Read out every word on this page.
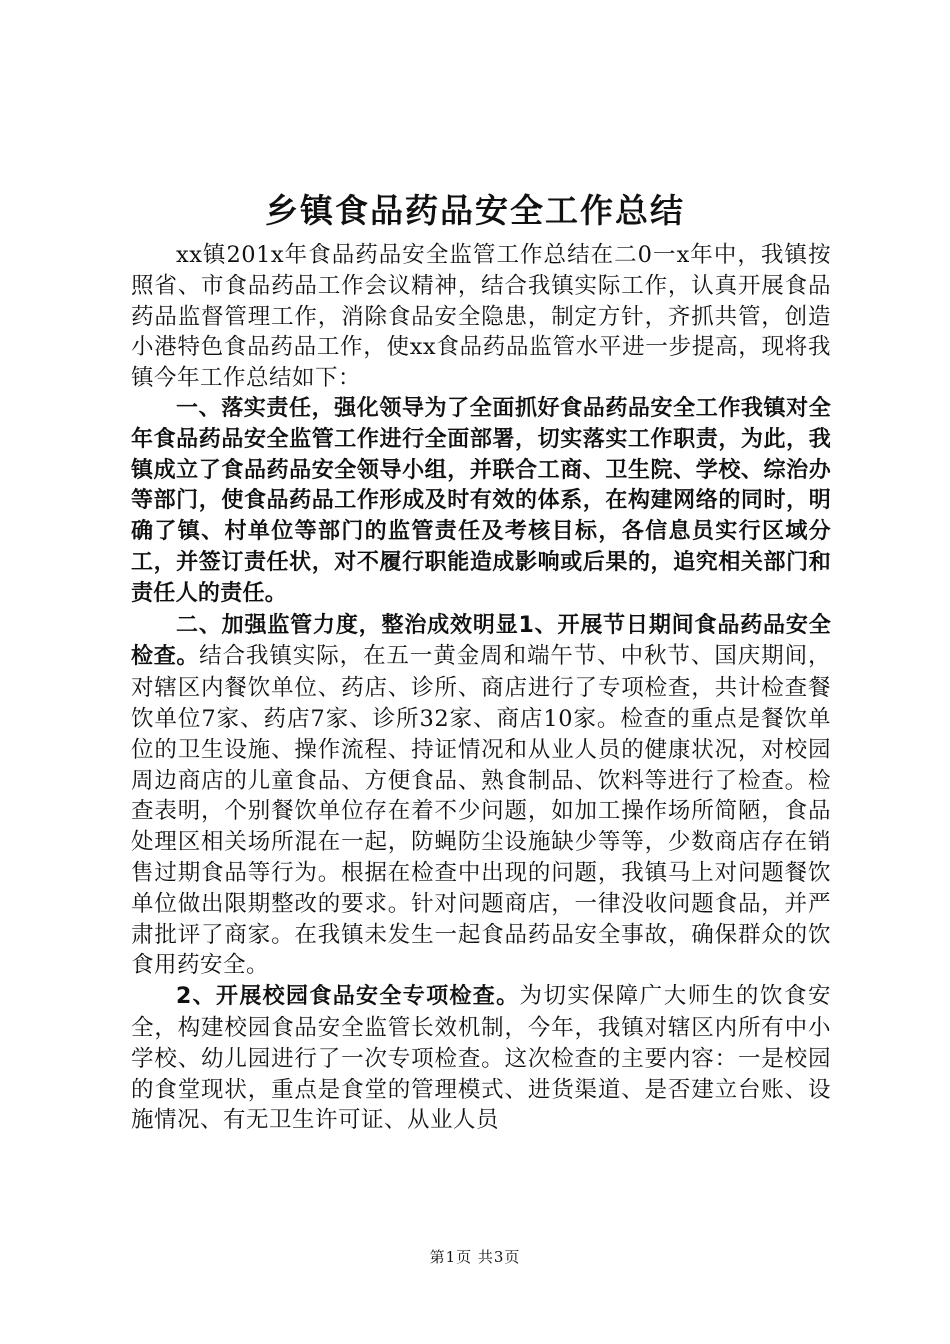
乡镇食品药品安全工作总结

xx镇201x年食品药品安全监管工作总结在二0一x年中，我镇按照省、市食品药品工作会议精神，结合我镇实际工作，认真开展食品药品监督管理工作，消除食品安全隐患，制定方针，齐抓共管，创造小港特色食品药品工作，使xx食品药品监管水平进一步提高，现将我镇今年工作总结如下：

一、落实责任，强化领导为了全面抓好食品药品安全工作我镇对全年食品药品安全监管工作进行全面部署，切实落实工作职责，为此，我镇成立了食品药品安全领导小组，并联合工商、卫生院、学校、综治办等部门，使食品药品工作形成及时有效的体系，在构建网络的同时，明确了镇、村单位等部门的监管责任及考核目标，各信息员实行区域分工，并签订责任状，对不履行职能造成影响或后果的，追究相关部门和责任人的责任。

二、加强监管力度，整治成效明显1、开展节日期间食品药品安全检查。结合我镇实际，在五一黄金周和端午节、中秋节、国庆期间，对辖区内餐饮单位、药店、诊所、商店进行了专项检查，共计检查餐饮单位7家、药店7家、诊所32家、商店10家。检查的重点是餐饮单位的卫生设施、操作流程、持证情况和从业人员的健康状况，对校园周边商店的儿童食品、方便食品、熟食制品、饮料等进行了检查。检查表明，个别餐饮单位存在着不少问题，如加工操作场所简陋，食品处理区相关场所混在一起，防蝇防尘设施缺少等等，少数商店存在销售过期食品等行为。根据在检查中出现的问题，我镇马上对问题餐饮单位做出限期整改的要求。针对问题商店，一律没收问题食品，并严肃批评了商家。在我镇未发生一起食品药品安全事故，确保群众的饮食用药安全。

2、开展校园食品安全专项检查。为切实保障广大师生的饮食安全，构建校园食品安全监管长效机制，今年，我镇对辖区内所有中小学校、幼儿园进行了一次专项检查。这次检查的主要内容：一是校园的食堂现状，重点是食堂的管理模式、进货渠道、是否建立台账、设施情况、有无卫生许可证、从业人员

第1页 共3页
